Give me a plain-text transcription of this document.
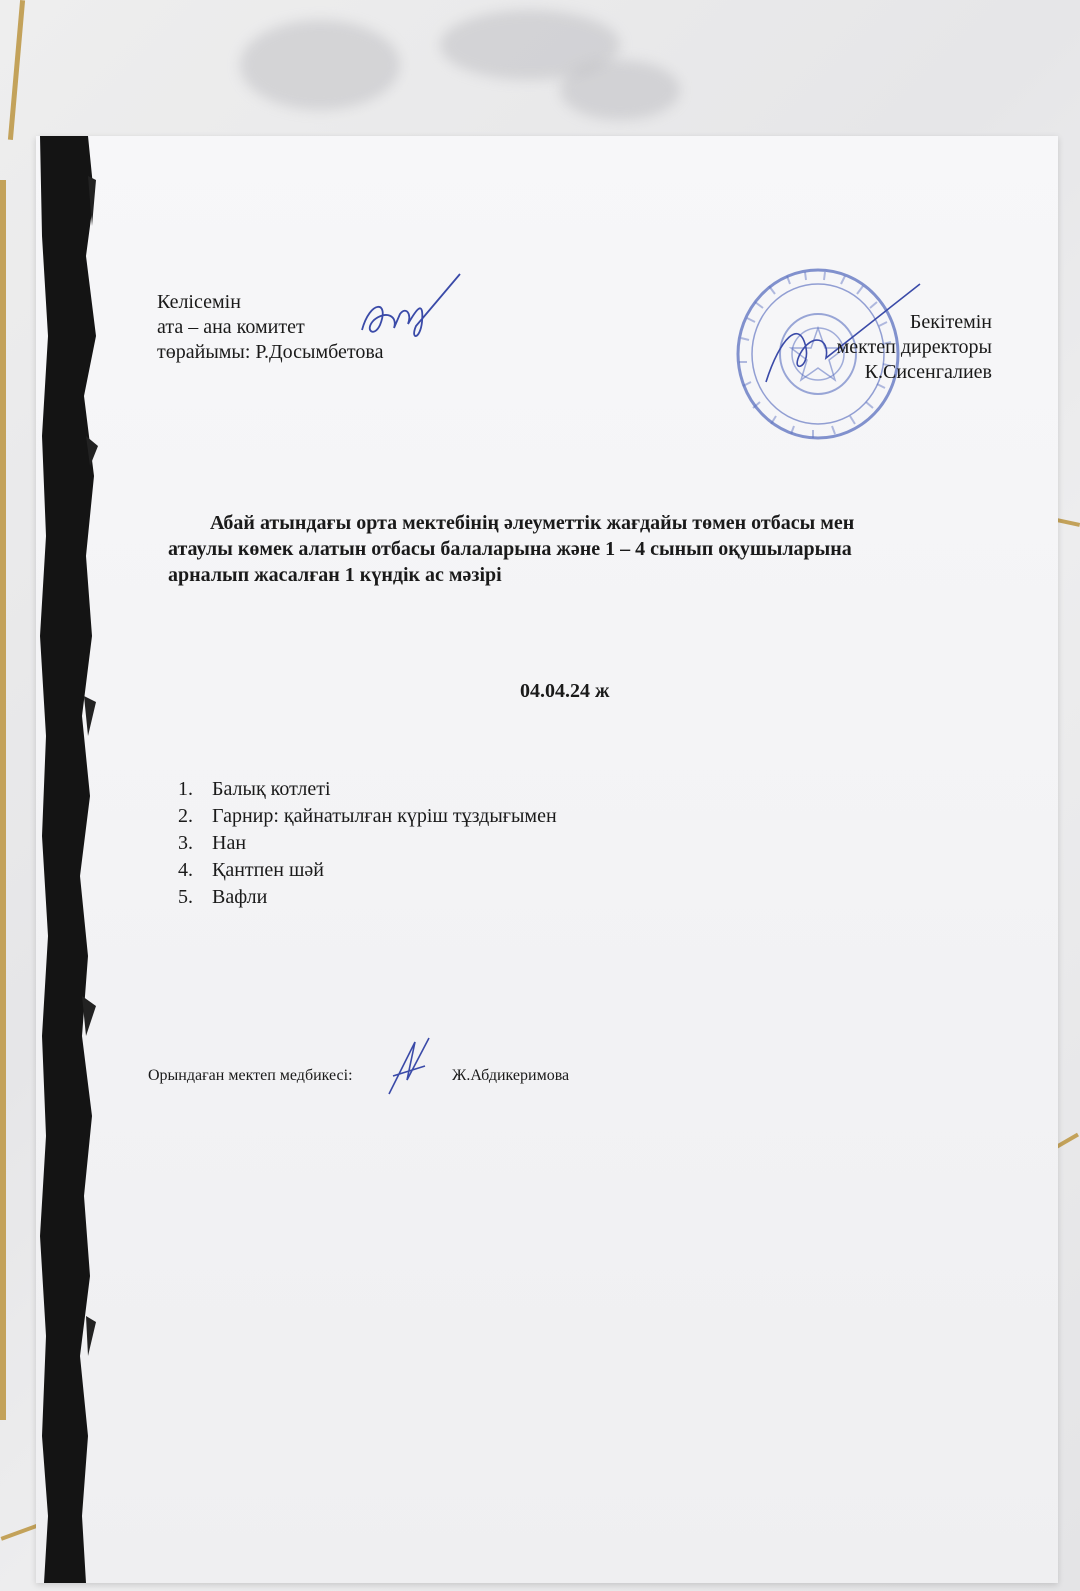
Келісемін
ата – ана комитет
төрайымы: Р.Досымбетова
Бекітемін
мектеп директоры
К.Сисенгалиев
Абай атындағы орта мектебінің әлеуметтік жағдайы төмен отбасы мен
атаулы көмек алатын отбасы балаларына және 1 – 4 сынып оқушыларына
арналып жасалған 1 күндік ас мәзірі
04.04.24 ж
1. Балық котлеті
2. Гарнир: қайнатылған күріш тұздығымен
3. Нан
4. Қантпен шәй
5. Вафли
Орындаған мектеп медбикесі:	Ж.Абдикеримова
